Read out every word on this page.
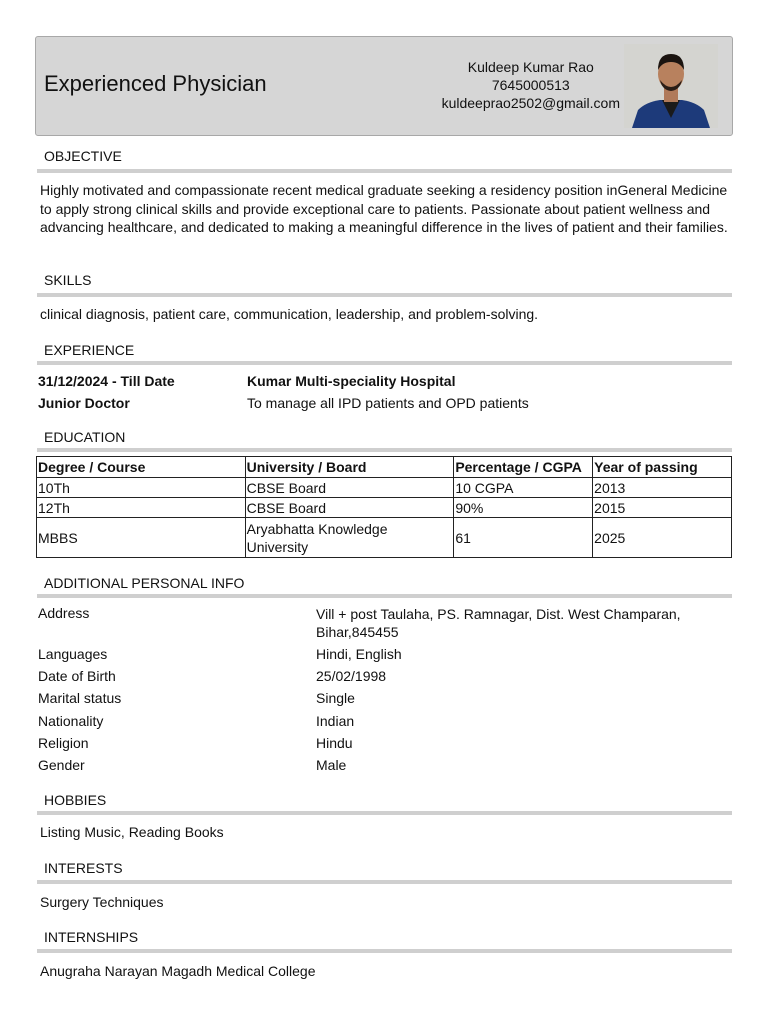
Experienced Physician
Kuldeep Kumar Rao
7645000513
kuldeeprao2502@gmail.com
OBJECTIVE
Highly motivated and compassionate recent medical graduate seeking a residency position inGeneral Medicine to apply strong clinical skills and provide exceptional care to patients. Passionate about patient wellness and advancing healthcare, and dedicated to making a meaningful difference in the lives of patient and their families.
SKILLS
clinical diagnosis, patient care, communication, leadership, and problem-solving.
EXPERIENCE
31/12/2024 - Till Date	Kumar Multi-speciality Hospital
Junior Doctor	To manage all IPD patients and OPD patients
EDUCATION
Degree / Course	University / Board	Percentage / CGPA	Year of passing
10Th	CBSE Board	10 CGPA	2013
12Th	CBSE Board	90%	2015
MBBS	Aryabhatta Knowledge University	61	2025
ADDITIONAL PERSONAL INFO
Address	Vill + post Taulaha, PS. Ramnagar, Dist. West Champaran, Bihar,845455
Languages	Hindi, English
Date of Birth	25/02/1998
Marital status	Single
Nationality	Indian
Religion	Hindu
Gender	Male
HOBBIES
Listing Music, Reading Books
INTERESTS
Surgery Techniques
INTERNSHIPS
Anugraha Narayan Magadh Medical College
